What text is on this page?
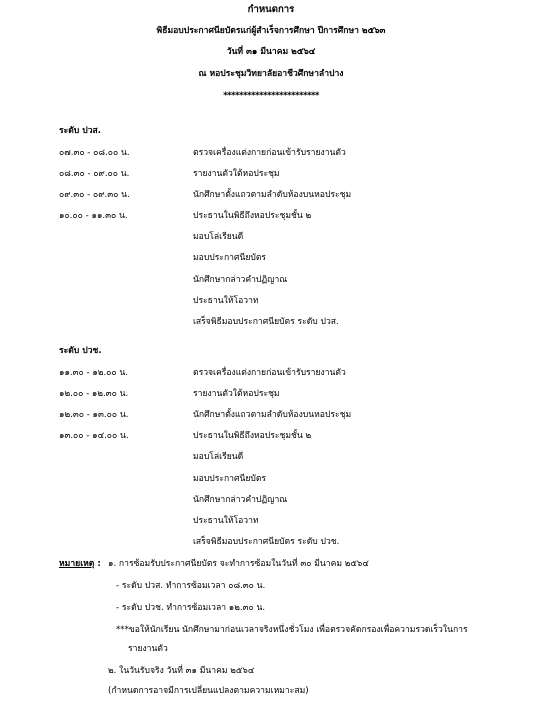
กำหนดการ
พิธีมอบประกาศนียบัตรแก่ผู้สำเร็จการศึกษา ปีการศึกษา ๒๕๖๓
วันที่ ๓๑ มีนาคม ๒๕๖๔
ณ หอประชุมวิทยาลัยอาชีวศึกษาลำปาง
************************
ระดับ ปวส.
๐๗.๓๐ - ๐๘.๐๐ น.	ตรวจเครื่องแต่งกายก่อนเข้ารับรายงานตัว
๐๘.๓๐ - ๐๙.๐๐ น.	รายงานตัวใต้หอประชุม
๐๙.๓๐ - ๐๙.๓๐ น.	นักศึกษาตั้งแถวตามลำดับห้องบนหอประชุม
๑๐.๐๐ - ๑๑.๓๐ น.	ประธานในพิธีถึงหอประชุมชั้น ๒
มอบโล่เรียนดี
มอบประกาศนียบัตร
นักศึกษากล่าวคำปฏิญาณ
ประธานให้โอวาท
เสร็จพิธีมอบประกาศนียบัตร ระดับ ปวส.
ระดับ ปวช.
๑๑.๓๐ - ๑๒.๐๐ น.	ตรวจเครื่องแต่งกายก่อนเข้ารับรายงานตัว
๑๒.๐๐ - ๑๒.๓๐ น.	รายงานตัวใต้หอประชุม
๑๒.๓๐ - ๑๓.๐๐ น.	นักศึกษาตั้งแถวตามลำดับห้องบนหอประชุม
๑๓.๐๐ - ๑๔.๐๐ น.	ประธานในพิธีถึงหอประชุมชั้น ๒
มอบโล่เรียนดี
มอบประกาศนียบัตร
นักศึกษากล่าวคำปฏิญาณ
ประธานให้โอวาท
เสร็จพิธีมอบประกาศนียบัตร ระดับ ปวช.
หมายเหตุ : ๑. การซ้อมรับประกาศนียบัตร จะทำการซ้อมในวันที่ ๓๐ มีนาคม ๒๕๖๔
- ระดับ ปวส. ทำการซ้อมเวลา ๐๘.๓๐ น.
- ระดับ ปวช. ทำการซ้อมเวลา ๑๒.๓๐ น.
***ขอให้นักเรียน นักศึกษามาก่อนเวลาจริงหนึ่งชั่วโมง เพื่อตรวจคัดกรองเพื่อความรวดเร็วในการ
รายงานตัว
๒. ในวันรับจริง วันที่ ๓๑ มีนาคม ๒๕๖๔
(กำหนดการอาจมีการเปลี่ยนแปลงตามความเหมาะสม)
